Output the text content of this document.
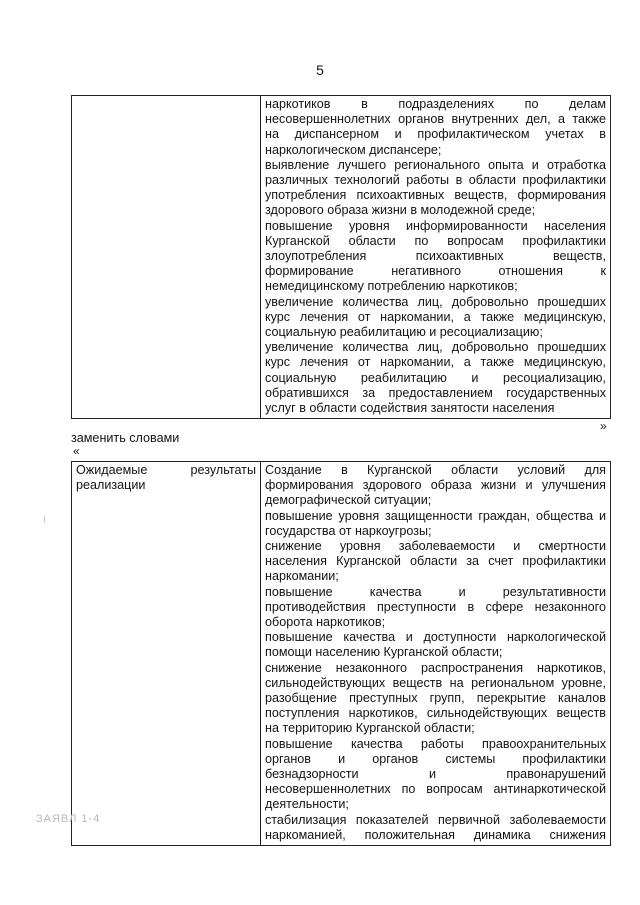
5

наркотиков в подразделениях по делам
несовершеннолетних органов внутренних дел, а также
на диспансерном и профилактическом учетах в
наркологическом диспансере;
выявление лучшего регионального опыта и отработка
различных технологий работы в области профилактики
употребления психоактивных веществ, формирования
здорового образа жизни в молодежной среде;
повышение уровня информированности населения
Курганской области по вопросам профилактики
злоупотребления психоактивных веществ,
формирование негативного отношения к
немедицинскому потреблению наркотиков;
увеличение количества лиц, добровольно прошедших
курс лечения от наркомании, а также медицинскую,
социальную реабилитацию и ресоциализацию;
увеличение количества лиц, добровольно прошедших
курс лечения от наркомании, а также медицинскую,
социальную реабилитацию и ресоциализацию,
обратившихся за предоставлением государственных
услуг в области содействия занятости населения
»
заменить словами
«
Ожидаемые результаты
реализации

Создание в Курганской области условий для
формирования здорового образа жизни и улучшения
демографической ситуации;
повышение уровня защищенности граждан, общества и
государства от наркоугрозы;
снижение уровня заболеваемости и смертности
населения Курганской области за счет профилактики
наркомании;
повышение качества и результативности
противодействия преступности в сфере незаконного
оборота наркотиков;
повышение качества и доступности наркологической
помощи населению Курганской области;
снижение незаконного распространения наркотиков,
сильнодействующих веществ на региональном уровне,
разобщение преступных групп, перекрытие каналов
поступления наркотиков, сильнодействующих веществ
на территорию Курганской области;
повышение качества работы правоохранительных
органов и органов системы профилактики
безнадзорности и правонарушений
несовершеннолетних по вопросам антинаркотической
деятельности;
стабилизация показателей первичной заболеваемости
наркоманией, положительная динамика снижения
ЗАЯВЛ 1-4
